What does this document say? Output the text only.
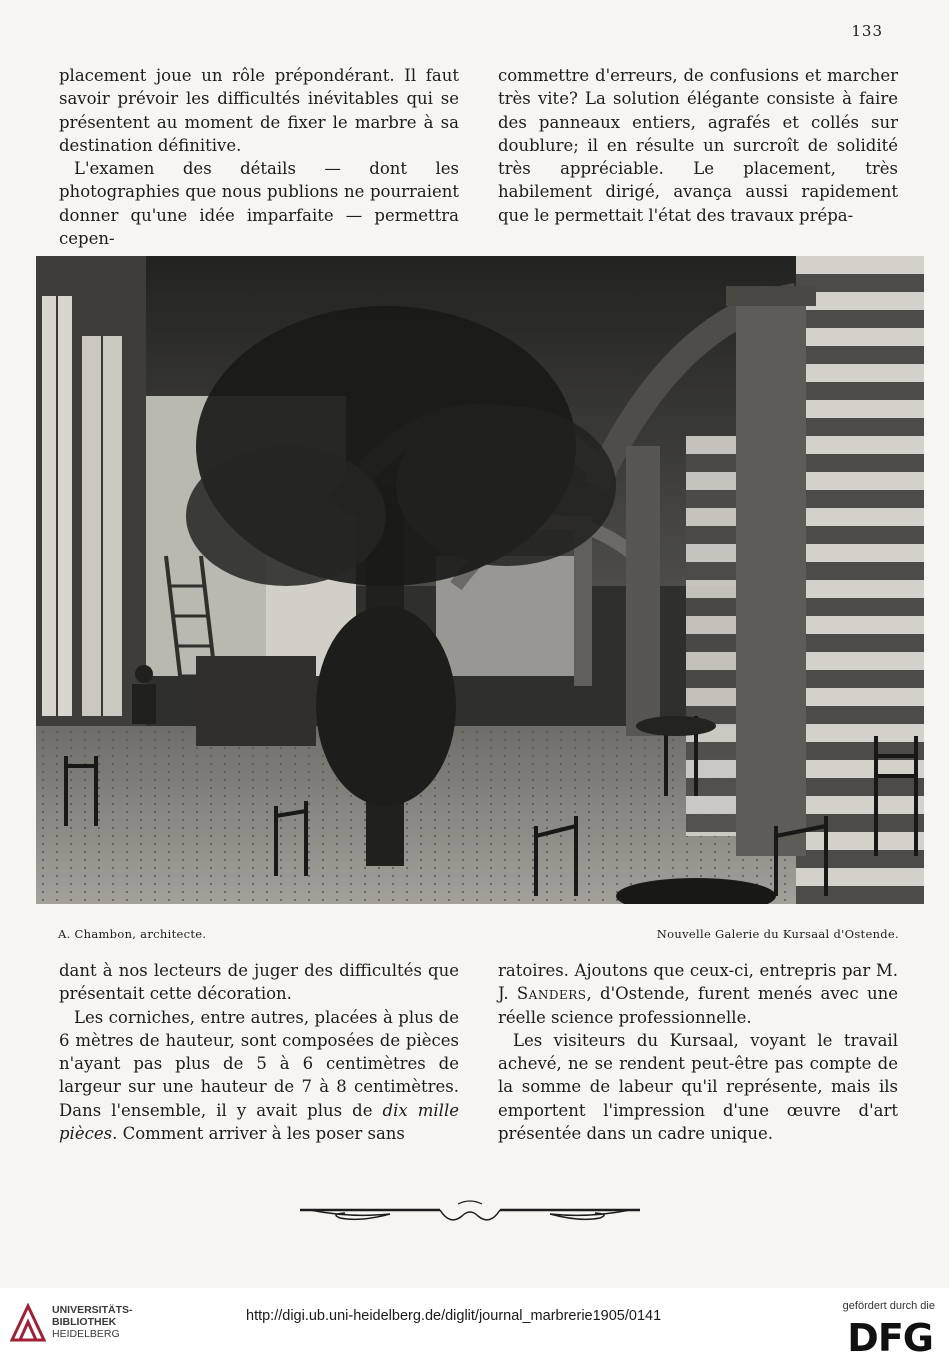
133

placement joue un rôle prépondérant. Il faut savoir prévoir les difficultés inévitables qui se présentent au moment de fixer le marbre à sa destination définitive.

L'examen des détails — dont les photographies que nous publions ne pourraient donner qu'une idée imparfaite — permettra cepen-

commettre d'erreurs, de confusions et marcher très vite? La solution élégante consiste à faire des panneaux entiers, agrafés et collés sur doublure; il en résulte un surcroît de solidité très appréciable. Le placement, très habilement dirigé, avança aussi rapidement que le permettait l'état des travaux prépa-

A. Chambon, architecte.	Nouvelle Galerie du Kursaal d'Ostende.

dant à nos lecteurs de juger des difficultés que présentait cette décoration.

Les corniches, entre autres, placées à plus de 6 mètres de hauteur, sont composées de pièces n'ayant pas plus de 5 à 6 centimètres de largeur sur une hauteur de 7 à 8 centimètres. Dans l'ensemble, il y avait plus de dix mille pièces. Comment arriver à les poser sans

ratoires. Ajoutons que ceux-ci, entrepris par M. J. Sanders, d'Ostende, furent menés avec une réelle science professionnelle.

Les visiteurs du Kursaal, voyant le travail achevé, ne se rendent peut-être pas compte de la somme de labeur qu'il représente, mais ils emportent l'impression d'une œuvre d'art présentée dans un cadre unique.

UNIVERSITÄTS-
BIBLIOTHEK
HEIDELBERG
http://digi.ub.uni-heidelberg.de/diglit/journal_marbrerie1905/0141
gefördert durch die
DFG
